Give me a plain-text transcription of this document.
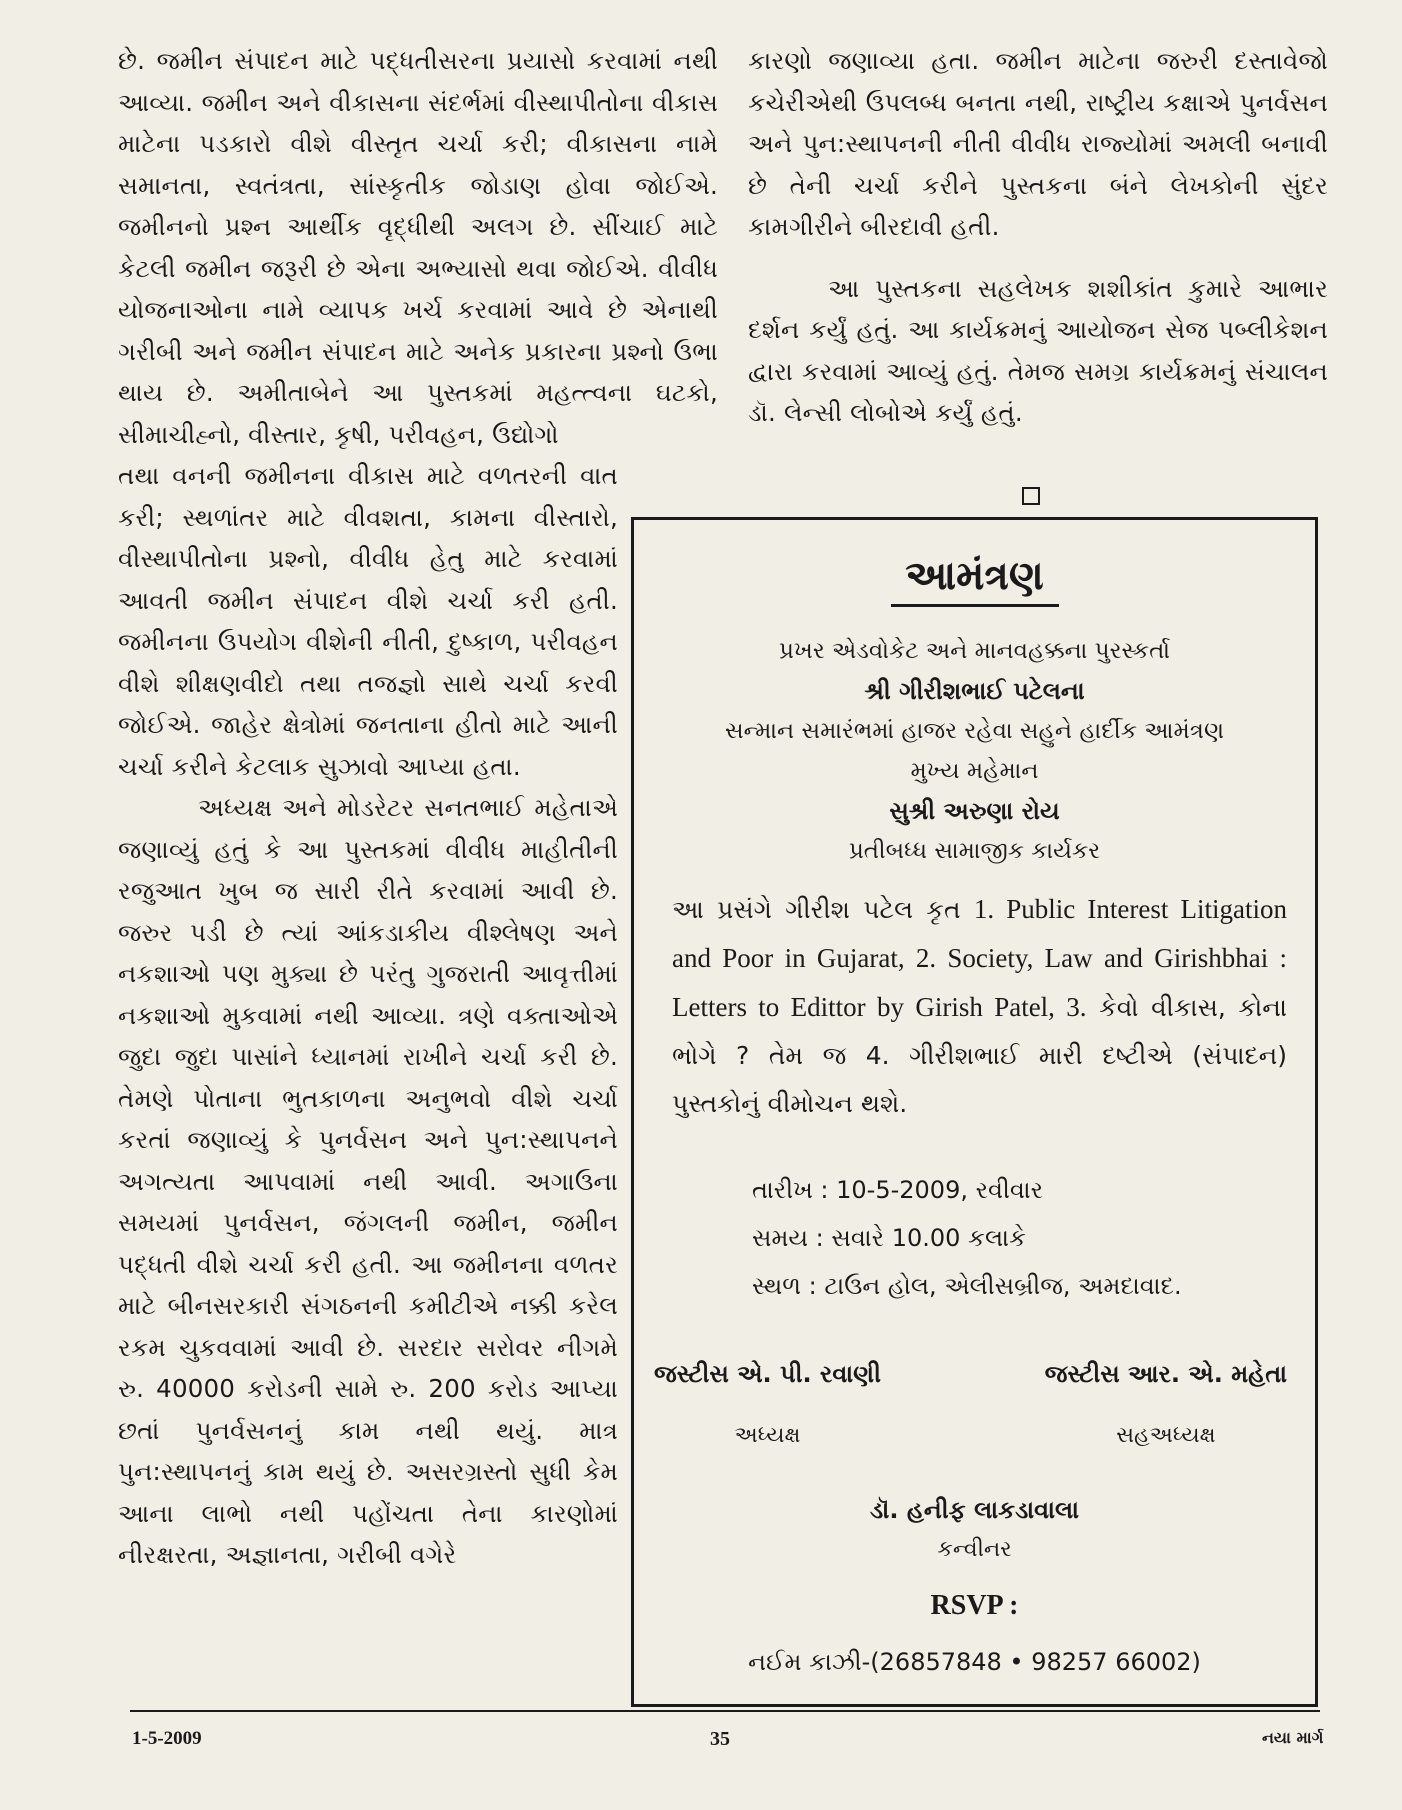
છે. જમીન સંપાદન માટે પદ્ધતીસરના પ્રયાસો કરવામાં નથી આવ્યા. જમીન અને વીકાસના સંદર્ભમાં વીસ્થાપીતોના વીકાસ માટેના પડકારો વીશે વીસ્તૃત ચર્ચા કરી; વીકાસના નામે સમાનતા, સ્વતંત્રતા, સાંસ્કૃતીક જોડાણ હોવા જોઈએ. જમીનનો પ્રશ્ન આર્થીક વૃદ્ધીથી અલગ છે. સીંચાઈ માટે કેટલી જમીન જરૂરી છે એના અભ્યાસો થવા જોઈએ. વીવીધ યોજનાઓના નામે વ્યાપક ખર્ચ કરવામાં આવે છે એનાથી ગરીબી અને જમીન સંપાદન માટે અનેક પ્રકારના પ્રશ્નો ઉભા થાય છે. અમીતાબેને આ પુસ્તકમાં મહત્ત્વના ઘટકો, સીમાચીહ્નો, વીસ્તાર, કૃષી, પરીવહન, ઉદ્યોગો

તથા વનની જમીનના વીકાસ માટે વળતરની વાત કરી; સ્થળાંતર માટે વીવશતા, કામના વીસ્તારો, વીસ્થાપીતોના પ્રશ્નો, વીવીધ હેતુ માટે કરવામાં આવતી જમીન સંપાદન વીશે ચર્ચા કરી હતી. જમીનના ઉપયોગ વીશેની નીતી, દુષ્કાળ, પરીવહન વીશે શીક્ષણવીદો તથા તજજ્ઞો સાથે ચર્ચા કરવી જોઈએ. જાહેર ક્ષેત્રોમાં જનતાના હીતો માટે આની ચર્ચા કરીને કેટલાક સુઝાવો આપ્યા હતા.

અધ્યક્ષ અને મોડરેટર સનતભાઈ મહેતાએ જણાવ્યું હતું કે આ પુસ્તકમાં વીવીધ માહીતીની રજુઆત ખુબ જ સારી રીતે કરવામાં આવી છે. જરુર પડી છે ત્યાં આંકડાકીય વીશ્લેષણ અને નકશાઓ પણ મુક્યા છે પરંતુ ગુજરાતી આવૃત્તીમાં નકશાઓ મુકવામાં નથી આવ્યા. ત્રણે વક્તાઓએ જુદા જુદા પાસાંને ધ્યાનમાં રાખીને ચર્ચા કરી છે. તેમણે પોતાના ભુતકાળના અનુભવો વીશે ચર્ચા કરતાં જણાવ્યું કે પુનર્વસન અને પુન:સ્થાપનને અગત્યતા આપવામાં નથી આવી. અગાઉના સમયમાં પુનર્વસન, જંગલની જમીન, જમીન પદ્ધતી વીશે ચર્ચા કરી હતી. આ જમીનના વળતર માટે બીનસરકારી સંગઠનની કમીટીએ નક્કી કરેલ રકમ ચુકવવામાં આવી છે. સરદાર સરોવર નીગમે રુ. 40000 કરોડની સામે રુ. 200 કરોડ આપ્યા છતાં પુનર્વસનનું કામ નથી થયું. માત્ર પુન:સ્થાપનનું કામ થયું છે. અસરગ્રસ્તો સુધી કેમ આના લાભો નથી પહોંચતા તેના કારણોમાં નીરક્ષરતા, અજ્ઞાનતા, ગરીબી વગેરે

કારણો જણાવ્યા હતા. જમીન માટેના જરુરી દસ્તાવેજો કચેરીએથી ઉપલબ્ધ બનતા નથી, રાષ્ટ્રીય કક્ષાએ પુનર્વસન અને પુન:સ્થાપનની નીતી વીવીધ રાજ્યોમાં અમલી બનાવી છે તેની ચર્ચા કરીને પુસ્તકના બંને લેખકોની સુંદર કામગીરીને બીરદાવી હતી.

આ પુસ્તકના સહલેખક શશીકાંત કુમારે આભાર દર્શન કર્યું હતું. આ કાર્યક્રમનું આયોજન સેજ પબ્લીકેશન દ્વારા કરવામાં આવ્યું હતું. તેમજ સમગ્ર કાર્યક્રમનું સંચાલન ડૉ. લેન્સી લોબોએ કર્યું હતું.

આમંત્રણ

પ્રખર એડવોકેટ અને માનવહક્કના પુરસ્કર્તા

શ્રી ગીરીશભાઈ પટેલના

સન્માન સમારંભમાં હાજર રહેવા સહુને હાર્દીક આમંત્રણ

મુખ્ય મહેમાન

સુશ્રી અરુણા રોય

પ્રતીબધ્ધ સામાજીક કાર્યકર

આ પ્રસંગે ગીરીશ પટેલ કૃત 1. Public Interest Litigation and Poor in Gujarat, 2. Society, Law and Girishbhai : Letters to Edittor by Girish Patel, 3. કેવો વીકાસ, કોના ભોગે ? તેમ જ 4. ગીરીશભાઈ મારી દષ્ટીએ (સંપાદન) પુસ્તકોનું વીમોચન થશે.

તારીખ : 10-5-2009, રવીવાર
સમય : સવારે 10.00 કલાકે
સ્થળ : ટાઉન હોલ, એલીસબ્રીજ, અમદાવાદ.
જસ્ટીસ એ. પી. રવાણી
અધ્યક્ષ
જસ્ટીસ આર. એ. મહેતા
સહઅધ્યક્ષ
ડૉ. હનીફ લાકડાવાલા
કન્વીનર
RSVP :
નઈમ કાઝી-(26857848 • 98257 66002)
1-5-2009	35	નયા માર્ગ
